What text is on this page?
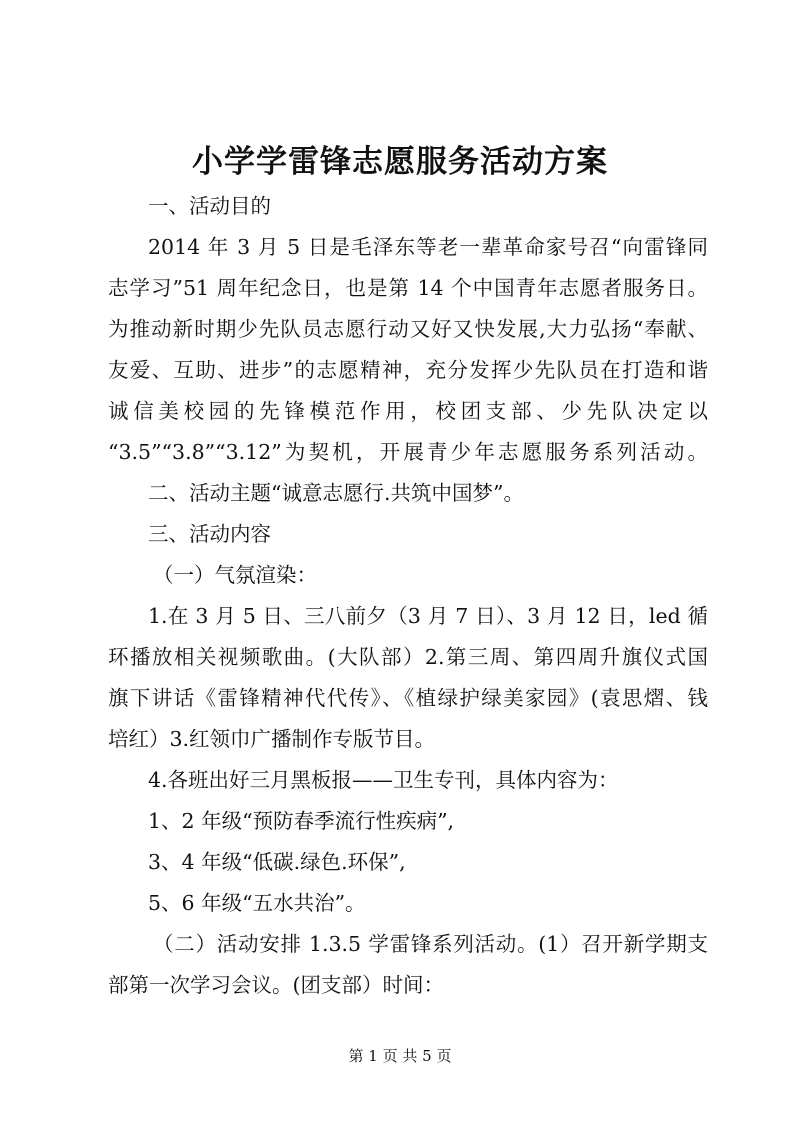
小学学雷锋志愿服务活动方案
一、活动目的
2014 年 3 月 5 日是毛泽东等老一辈革命家号召“向雷锋同
志学习”51 周年纪念日，也是第 14 个中国青年志愿者服务日。
为推动新时期少先队员志愿行动又好又快发展,大力弘扬“奉献、
友爱、互助、进步”的志愿精神，充分发挥少先队员在打造和谐
诚信美校园的先锋模范作用，校团支部、少先队决定以
“3.5”“3.8”“3.12”为契机，开展青少年志愿服务系列活动。
二、活动主题“诚意志愿行.共筑中国梦”。
三、活动内容
（一）气氛渲染：
1.在 3 月 5 日、三八前夕（3 月 7 日）、3 月 12 日，led 循
环播放相关视频歌曲。(大队部）2.第三周、第四周升旗仪式国
旗下讲话《雷锋精神代代传》、《植绿护绿美家园》(袁思熠、钱
培红）3.红领巾广播制作专版节目。
4.各班出好三月黑板报——卫生专刊，具体内容为：
1、2 年级“预防春季流行性疾病”,
3、4 年级“低碳.绿色.环保”,
5、6 年级“五水共治”。
（二）活动安排 1.3.5 学雷锋系列活动。(1）召开新学期支
部第一次学习会议。(团支部）时间：
第 1 页 共 5 页
